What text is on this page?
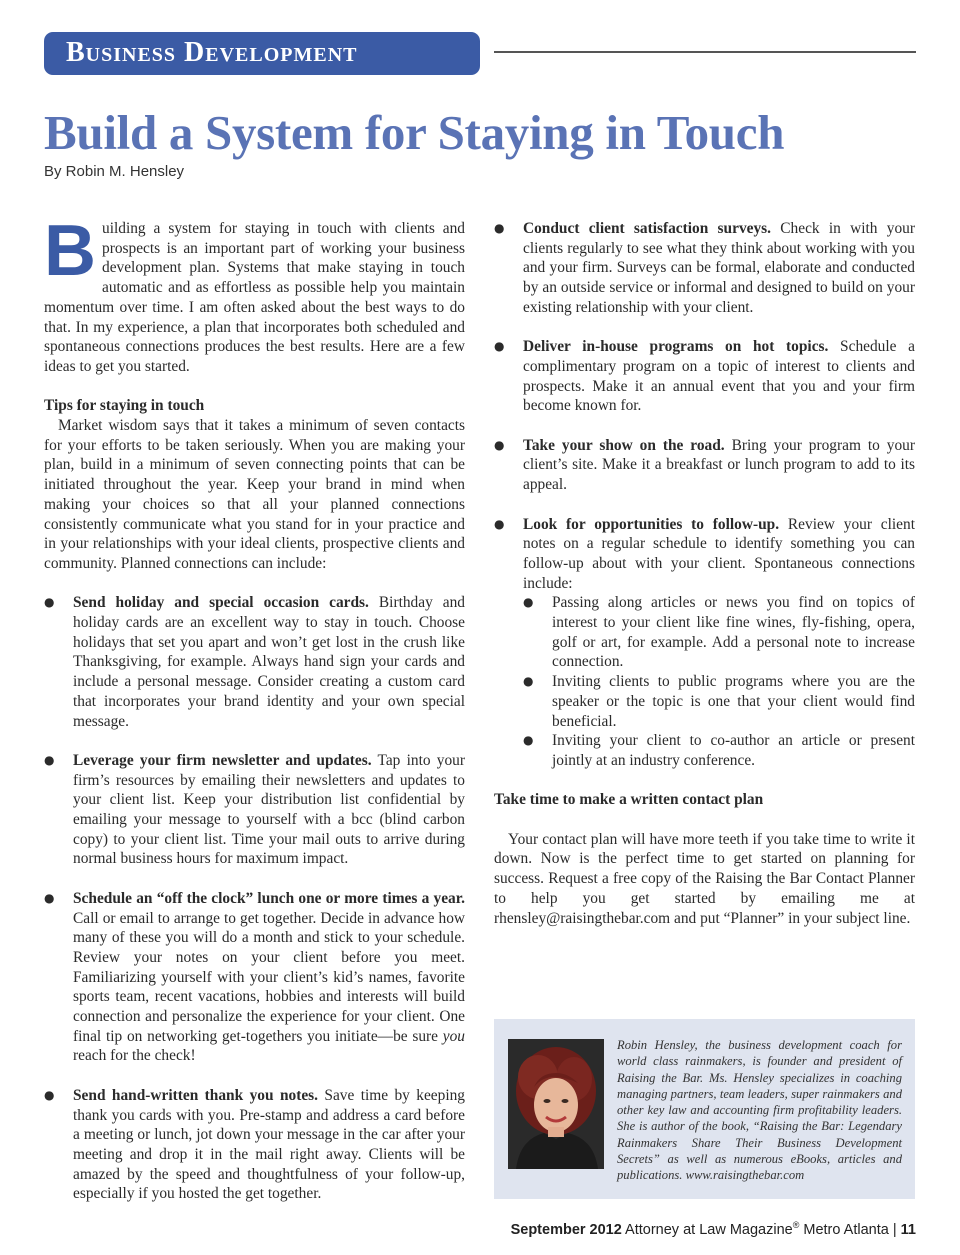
Business Development
Build a System for Staying in Touch
By Robin M. Hensley

Building a system for staying in touch with clients and prospects is an important part of working your business development plan. Systems that make staying in touch automatic and as effortless as possible help you maintain momentum over time. I am often asked about the best ways to do that. In my experience, a plan that incorporates both scheduled and spontaneous connections produces the best results. Here are a few ideas to get you started.

Tips for staying in touch

Market wisdom says that it takes a minimum of seven contacts for your efforts to be taken seriously. When you are making your plan, build in a minimum of seven connecting points that can be initiated throughout the year. Keep your brand in mind when making your choices so that all your planned connections consistently communicate what you stand for in your practice and in your relationships with your ideal clients, prospective clients and community. Planned connections can include:

● Send holiday and special occasion cards. Birthday and holiday cards are an excellent way to stay in touch. Choose holidays that set you apart and won’t get lost in the crush like Thanksgiving, for example. Always hand sign your cards and include a personal message. Consider creating a custom card that incorporates your brand identity and your own special message.
● Leverage your firm newsletter and updates. Tap into your firm’s resources by emailing their newsletters and updates to your client list. Keep your distribution list confidential by emailing your message to yourself with a bcc (blind carbon copy) to your client list. Time your mail outs to arrive during normal business hours for maximum impact.
● Schedule an “off the clock” lunch one or more times a year. Call or email to arrange to get together. Decide in advance how many of these you will do a month and stick to your schedule. Review your notes on your client before you meet. Familiarizing yourself with your client’s kid’s names, favorite sports team, recent vacations, hobbies and interests will build connection and personalize the experience for your client. One final tip on networking get-togethers you initiate—be sure you reach for the check!
● Send hand-written thank you notes. Save time by keeping thank you cards with you. Pre-stamp and address a card before a meeting or lunch, jot down your message in the car after your meeting and drop it in the mail right away. Clients will be amazed by the speed and thoughtfulness of your follow-up, especially if you hosted the get together.
● Conduct client satisfaction surveys. Check in with your clients regularly to see what they think about working with you and your firm. Surveys can be formal, elaborate and conducted by an outside service or informal and designed to build on your existing relationship with your client.
● Deliver in-house programs on hot topics. Schedule a complimentary program on a topic of interest to clients and prospects. Make it an annual event that you and your firm become known for.
● Take your show on the road. Bring your program to your client’s site. Make it a breakfast or lunch program to add to its appeal.
● Look for opportunities to follow-up. Review your client notes on a regular schedule to identify something you can follow-up about with your client. Spontaneous connections include:
● Passing along articles or news you find on topics of interest to your client like fine wines, fly-fishing, opera, golf or art, for example. Add a personal note to increase connection.
● Inviting clients to public programs where you are the speaker or the topic is one that your client would find beneficial.
● Inviting your client to co-author an article or present jointly at an industry conference.

Take time to make a written contact plan

Your contact plan will have more teeth if you take time to write it down. Now is the perfect time to get started on planning for success. Request a free copy of the Raising the Bar Contact Planner to help you get started by emailing me at rhensley@raisingthebar.com and put “Planner” in your subject line.

Robin Hensley, the business development coach for world class rainmakers, is founder and president of Raising the Bar. Ms. Hensley specializes in coaching managing partners, team leaders, super rainmakers and other key law and accounting firm profitability leaders. She is author of the book, “Raising the Bar: Legendary Rainmakers Share Their Business Development Secrets” as well as numerous eBooks, articles and publications. www.raisingthebar.com

September 2012 Attorney at Law Magazine® Metro Atlanta | 11
